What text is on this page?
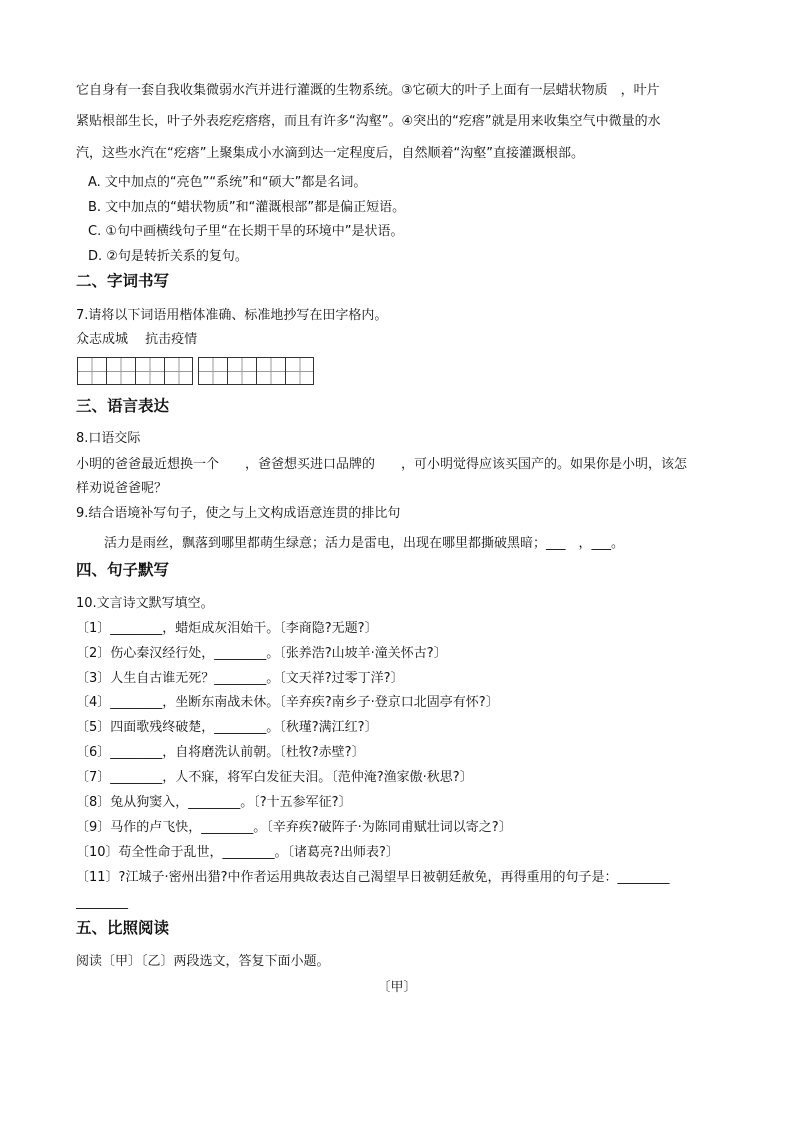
它自身有一套自我收集微弱水汽并进行灌溉的生物系统。③它硕大的叶子上面有一层蜡状物质　，叶片
紧贴根部生长，叶子外表疙疙瘩瘩，而且有许多“沟壑”。④突出的“疙瘩”就是用来收集空气中微量的水
汽，这些水汽在“疙瘩”上聚集成小水滴到达一定程度后，自然顺着“沟壑”直接灌溉根部。
A. 文中加点的“亮色”“系统”和“硕大”都是名词。
B. 文中加点的“蜡状物质”和“灌溉根部”都是偏正短语。
C. ①句中画横线句子里“在长期干旱的环境中”是状语。
D. ②句是转折关系的复句。
二、字词书写
7.请将以下词语用楷体准确、标准地抄写在田字格内。
众志成城　 抗击疫情
三、语言表达
8.口语交际
小明的爸爸最近想换一个　　，爸爸想买进口品牌的　　，可小明觉得应该买国产的。如果你是小明，该怎
样劝说爸爸呢？
9.结合语境补写句子，使之与上文构成语意连贯的排比句
活力是雨丝，飘落到哪里都萌生绿意；活力是雷电，出现在哪里都撕破黑暗；___　，___。
四、句子默写
10.文言诗文默写填空。
〔1〕________，蜡炬成灰泪始干。〔李商隐?无题?〕
〔2〕伤心秦汉经行处，________。〔张养浩?山坡羊·潼关怀古?〕
〔3〕人生自古谁无死？________。〔文天祥?过零丁洋?〕
〔4〕________，坐断东南战未休。〔辛弃疾?南乡子·登京口北固亭有怀?〕
〔5〕四面歌残终破楚，________。〔秋瑾?满江红?〕
〔6〕________，自将磨洗认前朝。〔杜牧?赤壁?〕
〔7〕________，人不寐，将军白发征夫泪。〔范仲淹?渔家傲·秋思?〕
〔8〕兔从狗窦入，________。〔?十五参军征?〕
〔9〕马作的卢飞快，________。〔辛弃疾?破阵子·为陈同甫赋壮词以寄之?〕
〔10〕苟全性命于乱世，________。〔诸葛亮?出师表?〕
〔11〕?江城子·密州出猎?中作者运用典故表达自己渴望早日被朝廷赦免，再得重用的句子是：________
________
五、比照阅读
阅读〔甲〕〔乙〕两段选文，答复下面小题。
〔甲〕
